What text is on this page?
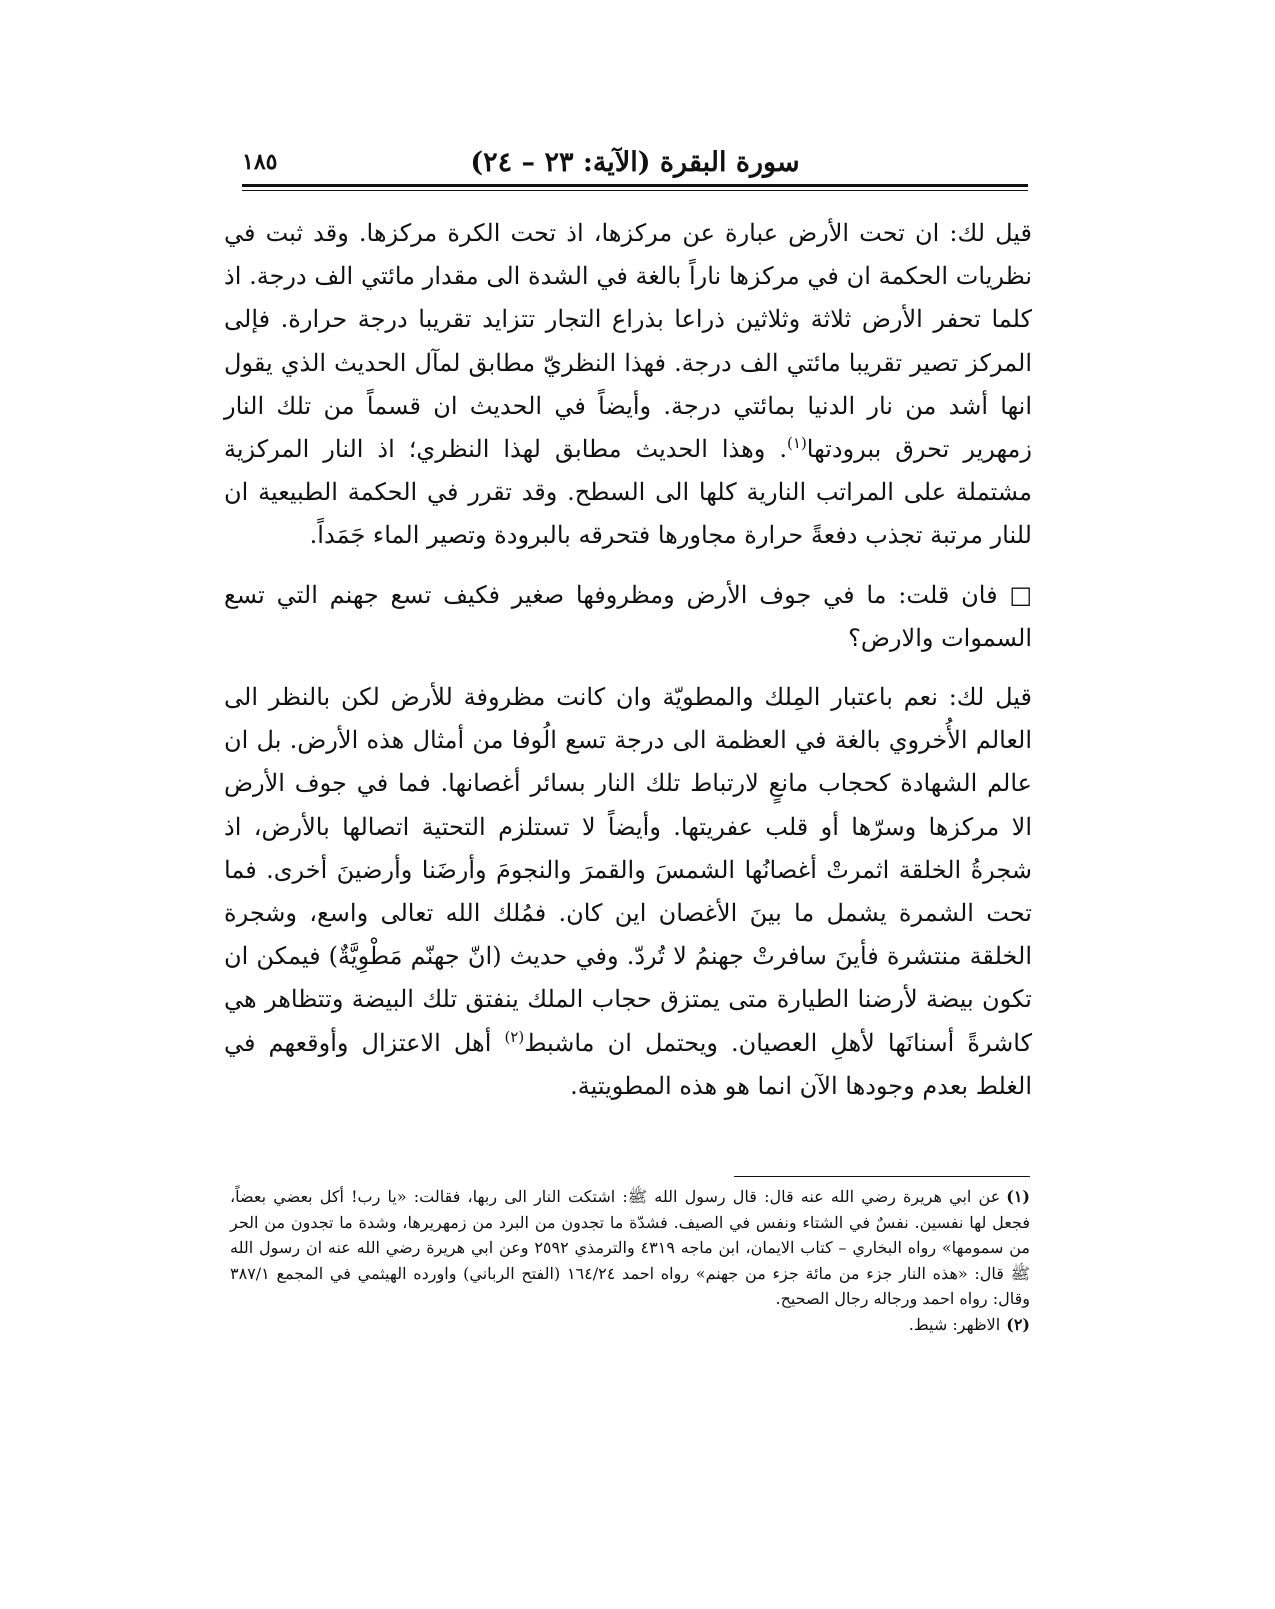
١٨٥	سورة البقرة (الآية: ٢٣ – ٢٤)

قيل لك: ان تحت الأرض عبارة عن مركزها، اذ تحت الكرة مركزها. وقد ثبت في نظريات الحكمة ان في مركزها ناراً بالغة في الشدة الى مقدار مائتي الف درجة. اذ كلما تحفر الأرض ثلاثة وثلاثين ذراعا بذراع التجار تتزايد تقريبا درجة حرارة. فإلى المركز تصير تقريبا مائتي الف درجة. فهذا النظريّ مطابق لمآل الحديث الذي يقول انها أشد من نار الدنيا بمائتي درجة. وأيضاً في الحديث ان قسماً من تلك النار زمهرير تحرق ببرودتها$^{(١)}$. وهذا الحديث مطابق لهذا النظري؛ اذ النار المركزية مشتملة على المراتب النارية كلها الى السطح. وقد تقرر في الحكمة الطبيعية ان للنار مرتبة تجذب دفعةً حرارة مجاورها فتحرقه بالبرودة وتصير الماء جَمَداً.

□ فان قلت: ما في جوف الأرض ومظروفها صغير فكيف تسع جهنم التي تسع السموات والارض؟

قيل لك: نعم باعتبار المِلك والمطويّة وان كانت مظروفة للأرض لكن بالنظر الى العالم الأُخروي بالغة في العظمة الى درجة تسع الُوفا من أمثال هذه الأرض. بل ان عالم الشهادة كحجاب مانعٍ لارتباط تلك النار بسائر أغصانها. فما في جوف الأرض الا مركزها وسرّها أو قلب عفريتها. وأيضاً لا تستلزم التحتية اتصالها بالأرض، اذ شجرةُ الخلقة اثمرتْ أغصانُها الشمسَ والقمرَ والنجومَ وأرضَنا وأرضينَ أخرى. فما تحت الشمرة يشمل ما بينَ الأغصان اين كان. فمُلك الله تعالى واسع، وشجرة الخلقة منتشرة فأينَ سافرتْ جهنمُ لا تُردّ. وفي حديث (انّ جهنّم مَطْوِيَّةٌ) فيمكن ان تكون بيضة لأرضنا الطيارة متى يمتزق حجاب الملك ينفتق تلك البيضة وتتظاهر هي كاشرةً أسنانَها لأهلِ العصيان. ويحتمل ان ماشبط$^{(٢)}$ أهل الاعتزال وأوقعهم في الغلط بعدم وجودها الآن انما هو هذه المطويتية.

(١)عن ابي هريرة رضي الله عنه قال: قال رسول الله ﷺ: اشتكت النار الى ربها، فقالت: «يا رب! أكل بعضي بعضاً، فجعل لها نفسين. نفسٌ في الشتاء ونفس في الصيف. فشدّة ما تجدون من البرد من زمهريرها، وشدة ما تجدون من الحر من سمومها» رواه البخاري – كتاب الايمان، ابن ماجه ٤٣١٩ والترمذي ٢٥٩٢ وعن ابي هريرة رضي الله عنه ان رسول الله ﷺ قال: «هذه النار جزء من مائة جزء من جهنم» رواه احمد ١٦٤/٢٤ (الفتح الرباني) واورده الهيثمي في المجمع ٣٨٧/١ وقال: رواه احمد ورجاله رجال الصحيح.

(٢)الاظهر: شيط.
